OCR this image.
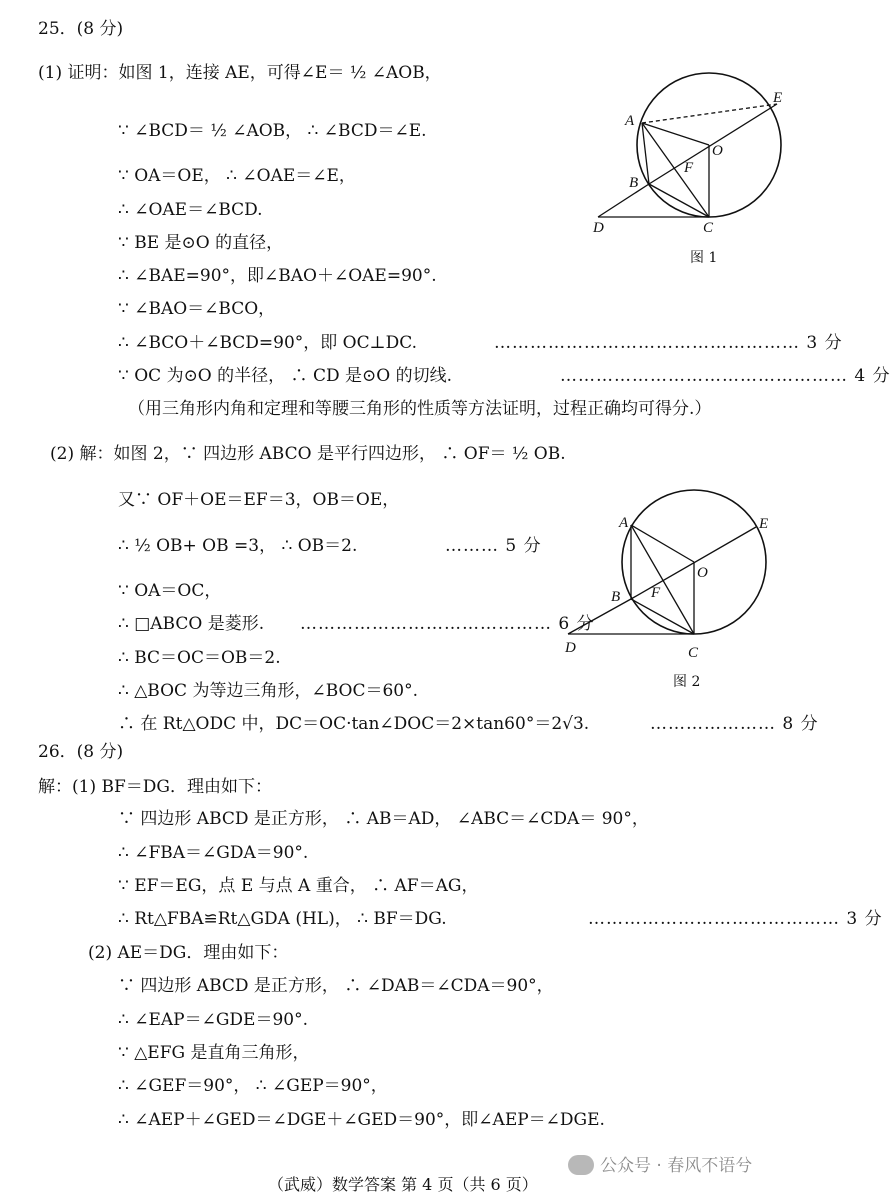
25．(8 分)
(1) 证明：如图 1，连接 AE，可得∠E＝ ½ ∠AOB，
∵ ∠BCD＝ ½ ∠AOB， ∴ ∠BCD＝∠E.
∵ OA＝OE， ∴ ∠OAE＝∠E，
∴ ∠OAE＝∠BCD.
∵ BE 是⊙O 的直径，
∴ ∠BAE=90°，即∠BAO＋∠OAE=90°.
∵ ∠BAO＝∠BCO，
∴ ∠BCO＋∠BCD=90°，即 OC⊥DC.
∵ OC 为⊙O 的半径， ∴ CD 是⊙O 的切线.
（用三角形内角和定理和等腰三角形的性质等方法证明，过程正确均可得分.）
(2) 解：如图 2，∵ 四边形 ABCO 是平行四边形， ∴ OF＝ ½ OB.
又∵ OF＋OE＝EF＝3，OB＝OE，
∴ ½ OB+ OB =3， ∴ OB＝2.
∵ OA＝OC，
∴ □ABCO 是菱形.
∴ BC＝OC＝OB＝2.
∴ △BOC 为等边三角形，∠BOC＝60°.
∴ 在 Rt△ODC 中，DC＝OC·tan∠DOC＝2×tan60°＝2√3.
26．(8 分)
解：(1) BF＝DG．理由如下：
∵ 四边形 ABCD 是正方形， ∴ AB＝AD， ∠ABC＝∠CDA＝ 90°，
∴ ∠FBA＝∠GDA＝90°.
∵ EF＝EG，点 E 与点 A 重合， ∴ AF＝AG，
∴ Rt△FBA≌Rt△GDA (HL)， ∴ BF＝DG.
(2) AE＝DG．理由如下：
∵ 四边形 ABCD 是正方形， ∴ ∠DAB＝∠CDA＝90°，
∴ ∠EAP＝∠GDE＝90°.
∵ △EFG 是直角三角形，
∴ ∠GEF＝90°， ∴ ∠GEP＝90°，
∴ ∠AEP＋∠GED＝∠DGE＋∠GED＝90°，即∠AEP＝∠DGE.
…………………………………………… 3 分
………………………………………… 4 分
……… 5 分
…………………………………… 6 分
………………… 8 分
…………………………………… 3 分
A
E
O
F
B
D	C
图 1
A	E
O
F
B
D	C
图 2
公众号 · 春风不语兮
（武威）数学答案 第 4 页（共 6 页）
